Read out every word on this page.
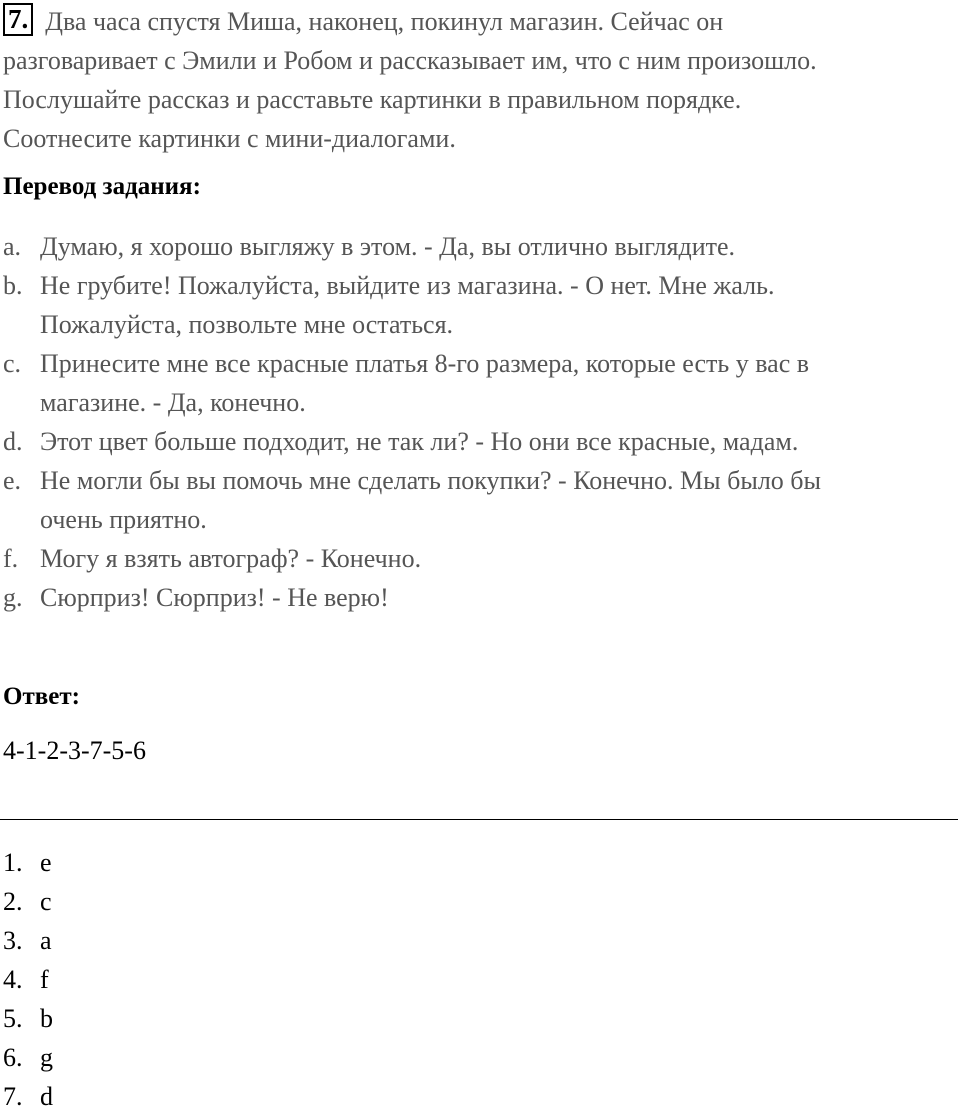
7. Два часа спустя Миша, наконец, покинул магазин. Сейчас он
разговаривает с Эмили и Робом и рассказывает им, что с ним произошло.
Послушайте рассказ и расставьте картинки в правильном порядке.
Соотнесите картинки с мини-диалогами.
Перевод задания:
a. Думаю, я хорошо выгляжу в этом. - Да, вы отлично выглядите.
b. Не грубите! Пожалуйста, выйдите из магазина. - О нет. Мне жаль.
Пожалуйста, позвольте мне остаться.
c. Принесите мне все красные платья 8-го размера, которые есть у вас в
магазине. - Да, конечно.
d. Этот цвет больше подходит, не так ли? - Но они все красные, мадам.
e. Не могли бы вы помочь мне сделать покупки? - Конечно. Мы было бы
очень приятно.
f. Могу я взять автограф? - Конечно.
g. Сюрприз! Сюрприз! - Не верю!
Ответ:
4-1-2-3-7-5-6
1. e
2. c
3. a
4. f
5. b
6. g
7. d
